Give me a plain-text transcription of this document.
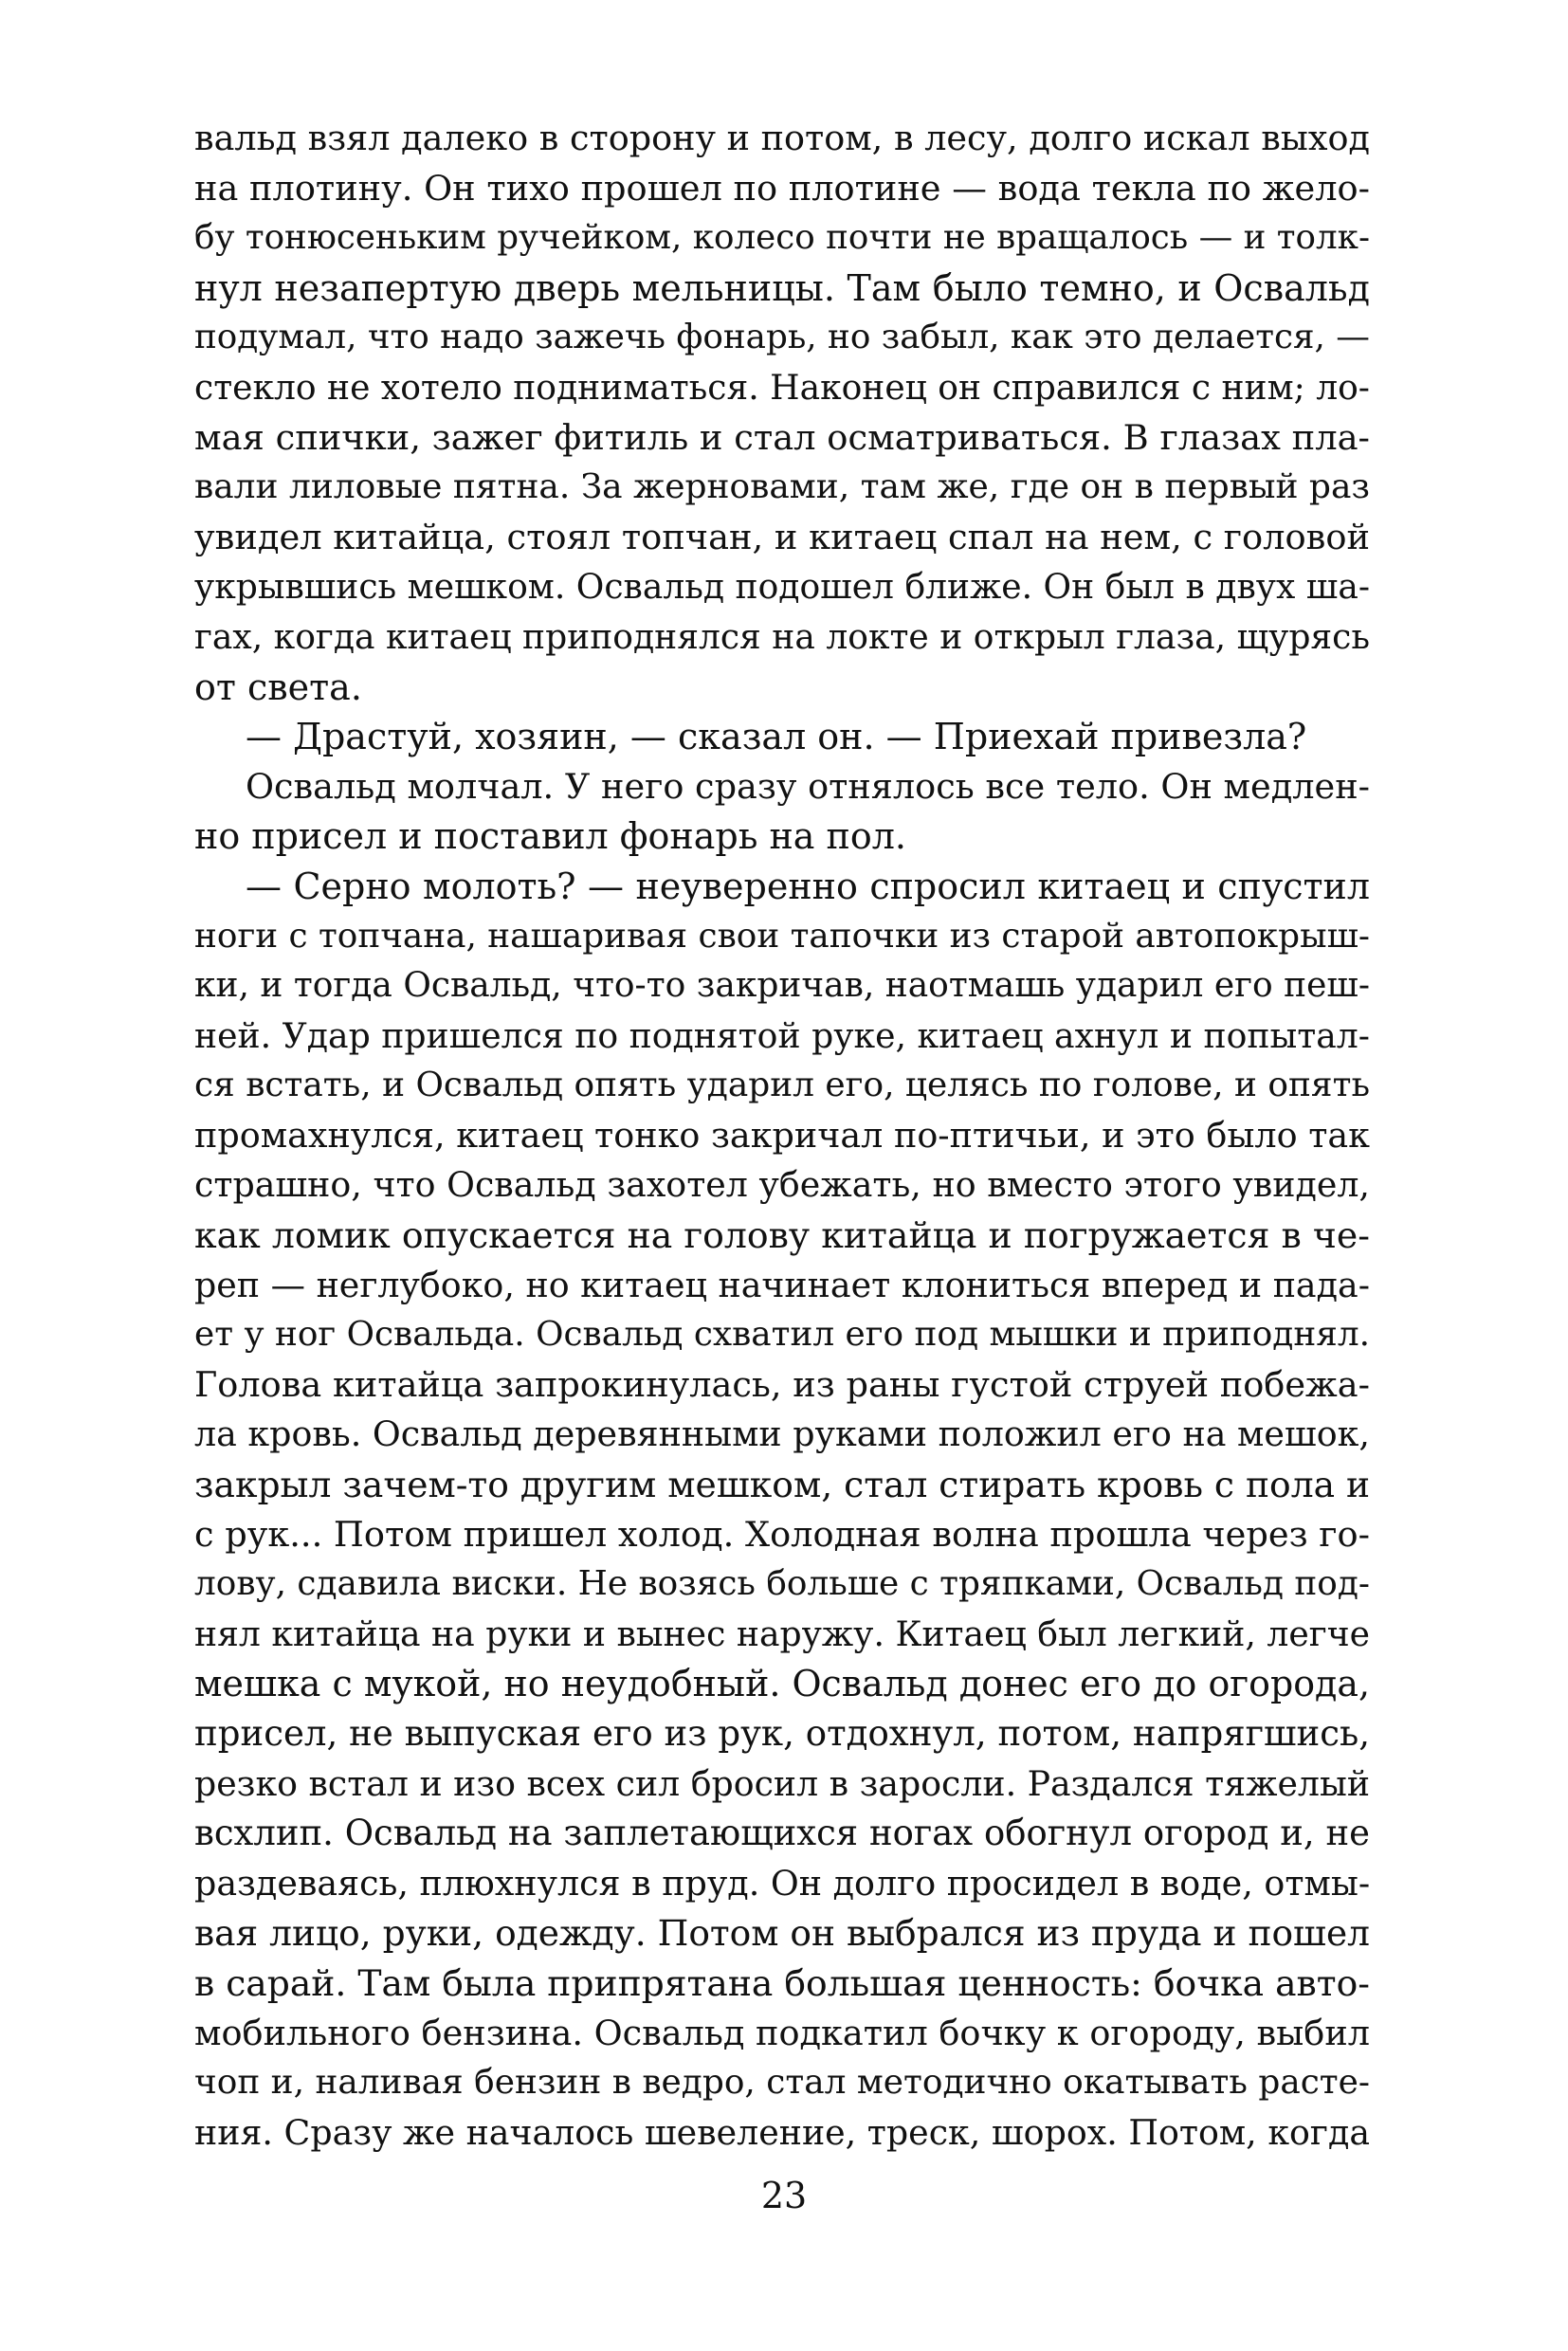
вальд взял далеко в сторону и потом, в лесу, долго искал выход
на плотину. Он тихо прошел по плотине — вода текла по жело-
бу тонюсеньким ручейком, колесо почти не вращалось — и толк-
нул незапертую дверь мельницы. Там было темно, и Освальд
подумал, что надо зажечь фонарь, но забыл, как это делается, —
стекло не хотело подниматься. Наконец он справился с ним; ло-
мая спички, зажег фитиль и стал осматриваться. В глазах пла-
вали лиловые пятна. За жерновами, там же, где он в первый раз
увидел китайца, стоял топчан, и китаец спал на нем, с головой
укрывшись мешком. Освальд подошел ближе. Он был в двух ша-
гах, когда китаец приподнялся на локте и открыл глаза, щурясь
от света.
— Драстуй, хозяин, — сказал он. — Приехай привезла?
Освальд молчал. У него сразу отнялось все тело. Он медлен-
но присел и поставил фонарь на пол.
— Серно молоть? — неуверенно спросил китаец и спустил
ноги с топчана, нашаривая свои тапочки из старой автопокрыш-
ки, и тогда Освальд, что-то закричав, наотмашь ударил его пеш-
ней. Удар пришелся по поднятой руке, китаец ахнул и попытал-
ся встать, и Освальд опять ударил его, целясь по голове, и опять
промахнулся, китаец тонко закричал по-птичьи, и это было так
страшно, что Освальд захотел убежать, но вместо этого увидел,
как ломик опускается на голову китайца и погружается в че-
реп — неглубоко, но китаец начинает клониться вперед и пада-
ет у ног Освальда. Освальд схватил его под мышки и приподнял.
Голова китайца запрокинулась, из раны густой струей побежа-
ла кровь. Освальд деревянными руками положил его на мешок,
закрыл зачем-то другим мешком, стал стирать кровь с пола и
с рук... Потом пришел холод. Холодная волна прошла через го-
лову, сдавила виски. Не возясь больше с тряпками, Освальд под-
нял китайца на руки и вынес наружу. Китаец был легкий, легче
мешка с мукой, но неудобный. Освальд донес его до огорода,
присел, не выпуская его из рук, отдохнул, потом, напрягшись,
резко встал и изо всех сил бросил в заросли. Раздался тяжелый
всхлип. Освальд на заплетающихся ногах обогнул огород и, не
раздеваясь, плюхнулся в пруд. Он долго просидел в воде, отмы-
вая лицо, руки, одежду. Потом он выбрался из пруда и пошел
в сарай. Там была припрятана большая ценность: бочка авто-
мобильного бензина. Освальд подкатил бочку к огороду, выбил
чоп и, наливая бензин в ведро, стал методично окатывать расте-
ния. Сразу же началось шевеление, треск, шорох. Потом, когда
23
